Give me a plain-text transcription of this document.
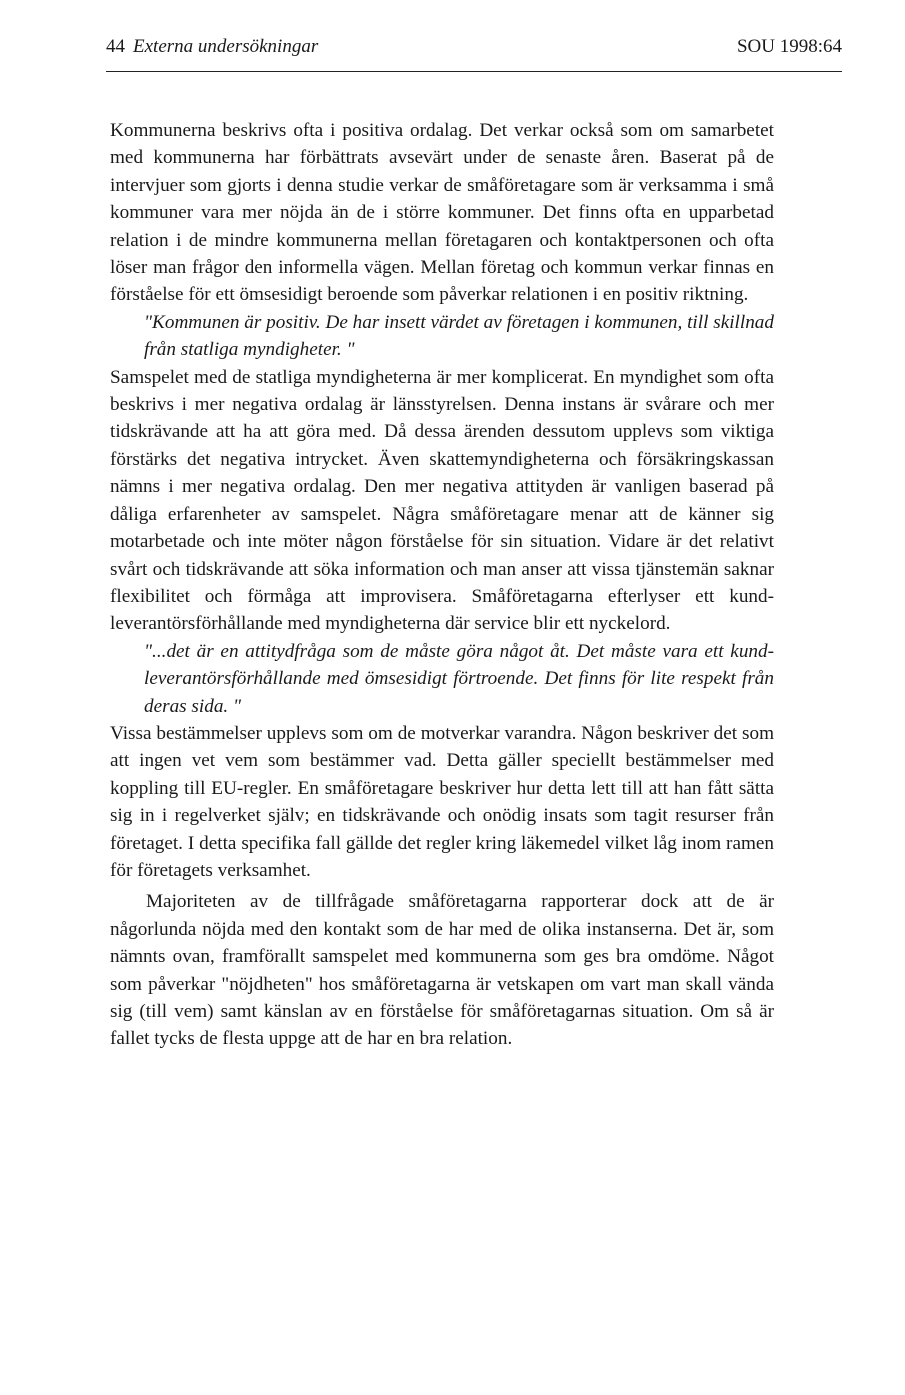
44 Externa undersökningar	SOU 1998:64

Kommunerna beskrivs ofta i positiva ordalag. Det verkar också som om samarbetet med kommunerna har förbättrats avsevärt under de senaste åren. Baserat på de intervjuer som gjorts i denna studie verkar de småföretagare som är verksamma i små kommuner vara mer nöjda än de i större kommuner. Det finns ofta en upparbetad relation i de mindre kommunerna mellan företagaren och kontaktpersonen och ofta löser man frågor den informella vägen. Mellan företag och kommun verkar finnas en förståelse för ett ömsesidigt beroende som påverkar relationen i en positiv riktning.

"Kommunen är positiv. De har insett värdet av företagen i kommunen, till skillnad från statliga myndigheter. "

Samspelet med de statliga myndigheterna är mer komplicerat. En myndighet som ofta beskrivs i mer negativa ordalag är länsstyrelsen. Denna instans är svårare och mer tidskrävande att ha att göra med. Då dessa ärenden dessutom upplevs som viktiga förstärks det negativa intrycket. Även skattemyndigheterna och försäkringskassan nämns i mer negativa ordalag. Den mer negativa attityden är vanligen baserad på dåliga erfarenheter av samspelet. Några småföretagare menar att de känner sig motarbetade och inte möter någon förståelse för sin situation. Vidare är det relativt svårt och tidskrävande att söka information och man anser att vissa tjänstemän saknar flexibilitet och förmåga att improvisera. Småföretagarna efterlyser ett kund-leverantörsförhållande med myndigheterna där service blir ett nyckelord.

"...det är en attitydfråga som de måste göra något åt. Det måste vara ett kund-leverantörsförhållande med ömsesidigt förtroende. Det finns för lite respekt från deras sida. "

Vissa bestämmelser upplevs som om de motverkar varandra. Någon beskriver det som att ingen vet vem som bestämmer vad. Detta gäller speciellt bestämmelser med koppling till EU-regler. En småföretagare beskriver hur detta lett till att han fått sätta sig in i regelverket själv; en tidskrävande och onödig insats som tagit resurser från företaget. I detta specifika fall gällde det regler kring läkemedel vilket låg inom ramen för företagets verksamhet.

Majoriteten av de tillfrågade småföretagarna rapporterar dock att de är någorlunda nöjda med den kontakt som de har med de olika instanserna. Det är, som nämnts ovan, framförallt samspelet med kommunerna som ges bra omdöme. Något som påverkar "nöjdheten" hos småföretagarna är vetskapen om vart man skall vända sig (till vem) samt känslan av en förståelse för småföretagarnas situation. Om så är fallet tycks de flesta uppge att de har en bra relation.
